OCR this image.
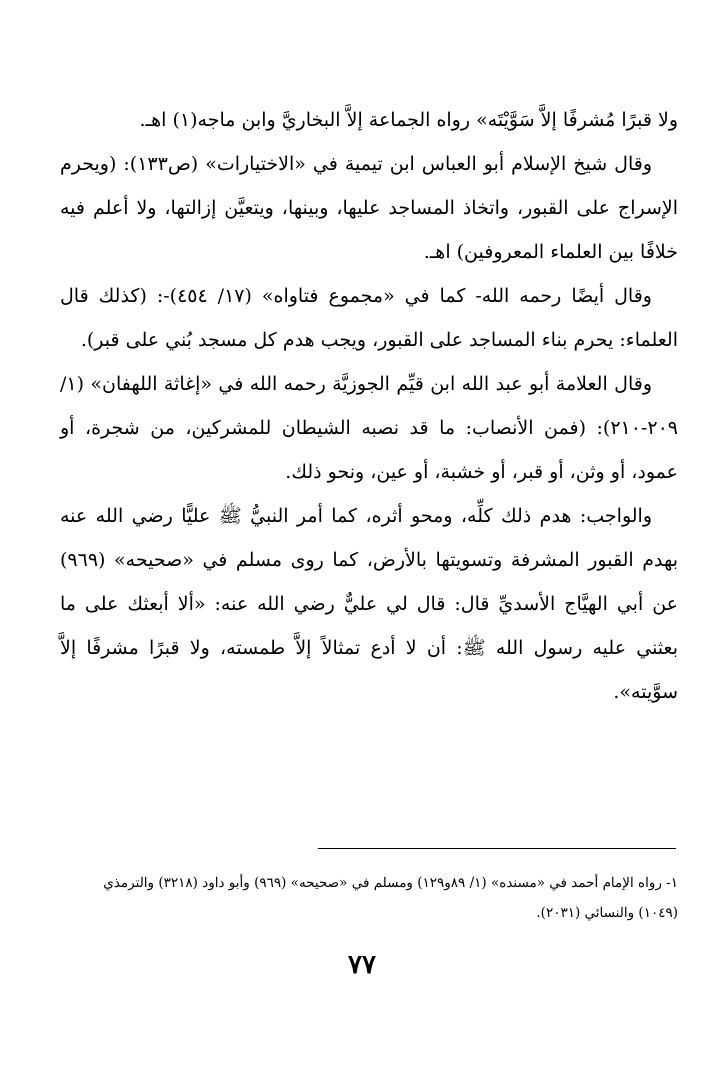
ولا قبرًا مُشرفًا إلاَّ سَوَّيْتَه» رواه الجماعة إلاَّ البخاريَّ وابن ماجه(١) اهـ.

وقال شيخ الإسلام أبو العباس ابن تيمية في «الاختيارات» (ص١٣٣): (ويحرم الإسراج على القبور، واتخاذ المساجد عليها، وبينها، ويتعيَّن إزالتها، ولا أعلم فيه خلافًا بين العلماء المعروفين) اهـ.

وقال أيضًا رحمه الله- كما في «مجموع فتاواه» (١٧/ ٤٥٤)-: (كذلك قال العلماء: يحرم بناء المساجد على القبور، ويجب هدم كل مسجد بُني على قبر).

وقال العلامة أبو عبد الله ابن قيِّم الجوزيَّة رحمه الله في «إغاثة اللهفان» (١/ ٢٠٩-٢١٠): (فمن الأنصاب: ما قد نصبه الشيطان للمشركين، من شجرة، أو عمود، أو وثن، أو قبر، أو خشبة، أو عين، ونحو ذلك.

والواجب: هدم ذلك كلِّه، ومحو أثره، كما أمر النبيُّ ﷺ عليًّا رضي الله عنه بهدم القبور المشرفة وتسويتها بالأرض، كما روى مسلم في «صحيحه» (٩٦٩) عن أبي الهيَّاج الأسديِّ قال: قال لي عليٌّ رضي الله عنه: «ألا أبعثك على ما بعثني عليه رسول الله ﷺ: أن لا أدع تمثالاً إلاَّ طمسته، ولا قبرًا مشرفًا إلاَّ سوَّيته».

١- رواه الإمام أحمد في «مسنده» (١/ ٨٩و١٢٩) ومسلم في «صحيحه» (٩٦٩) وأبو داود (٣٢١٨) والترمذي (١٠٤٩) والنسائي (٢٠٣١).

٧٧
